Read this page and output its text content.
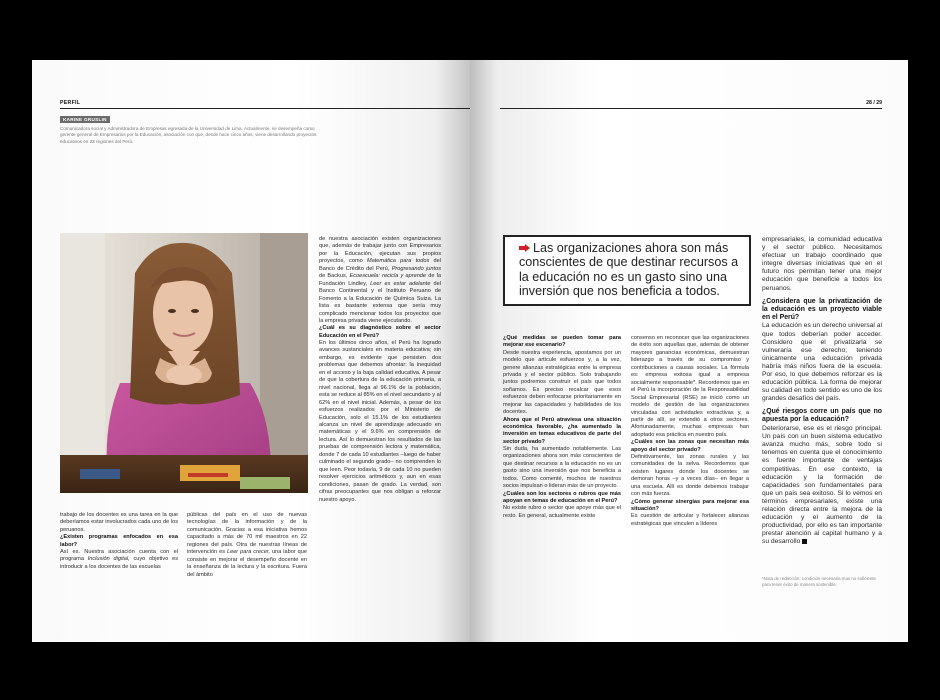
PERFIL
KARINE GRUSLIN
Comunicadora social y Administradora de Empresas egresada de la Universidad de Lima. Actualmente, se desempeña como gerente general de Empresarios por la Educación, asociación con que, desde hace cinco años, viene desarrollando proyectos educativos en 23 regiones del Perú.

trabajo de los docentes es una tarea en la que deberíamos estar involucrados cada uno de los peruanos.

¿Existen programas enfocados en esa labor?

Así es. Nuestra asociación cuenta con el programa Inclusión digital, cuyo objetivo es introducir a los docentes de las escuelas

públicas del país en el uso de nuevas tecnologías de la información y de la comunicación. Gracias a esa iniciativa hemos capacitado a más de 70 mil maestros en 22 regiones del país. Otra de nuestras líneas de intervención es Leer para crecer, una labor que consiste en mejorar el desempeño docente en la enseñanza de la lectura y la escritura. Fuera del ámbito

de nuestra asociación existen organizaciones que, además de trabajar junto con Empresarios por la Educación, ejecutan sus propios proyectos, como Matemática para todos del Banco de Crédito del Perú, Progresando juntos de Backus, Ecoescuela: recicla y aprende de la Fundación Lindley, Leer es estar adelante del Banco Continental y el Instituto Peruano de Fomento a la Educación de Química Suiza. La lista es bastante extensa que sería muy complicado mencionar todos los proyectos que la empresa privada viene ejecutando.

¿Cuál es su diagnóstico sobre el sector Educación en el Perú?

En los últimos cinco años, el Perú ha logrado avances sustanciales en materia educativa; sin embargo, es evidente que persisten dos problemas que debemos afrontar: la inequidad en el acceso y la baja calidad educativa. A pesar de que la cobertura de la educación primaria, a nivel nacional, llega al 96.1% de la población, esta se reduce al 85% en el nivel secundario y al 62% en el nivel inicial. Además, a pesar de los esfuerzos realizados por el Ministerio de Educación, solo el 15.1% de los estudiantes alcanza un nivel de aprendizaje adecuado en matemáticas y el 9.6% en comprensión de lectura. Así lo demuestran los resultados de las pruebas de comprensión lectora y matemática, donde 7 de cada 10 estudiantes –luego de haber culminado el segundo grado– no comprenden lo que leen. Peor todavía, 9 de cada 10 no pueden resolver ejercicios aritméticos y, aun en esas condiciones, pasan de grado. La verdad, son cifras preocupantes que nos obligan a reforzar nuestro apoyo.

28 / 29
Las organizaciones ahora son más conscientes de que destinar recursos a la educación no es un gasto sino una inversión que nos beneficia a todos.

¿Qué medidas se pueden tomar para mejorar ese escenario?

Desde nuestra experiencia, apostamos por un modelo que articule esfuerzos y, a la vez, genere alianzas estratégicas entre la empresa privada y el sector público. Solo trabajando juntos podremos construir el país que todos soñamos. Es preciso recalcar que esos esfuerzos deben enfocarse prioritariamente en mejorar las capacidades y habilidades de los docentes.

Ahora que el Perú atraviesa una situación económica favorable, ¿ha aumentado la inversión en temas educativos de parte del sector privado?

Sin duda, ha aumentado notablemente. Las organizaciones ahora son más conscientes de que destinar recursos a la educación no es un gasto sino una inversión que nos beneficia a todos. Como comenté, muchos de nuestros socios impulsan o lideran más de un proyecto.

¿Cuáles son los sectores o rubros que más apoyan en temas de educación en el Perú?

No existe rubro o sector que apoye más que el resto. En general, actualmente existe

consenso en reconocer que las organizaciones de éxito son aquellas que, además de obtener mayores ganancias económicas, demuestran liderazgo a través de su compromiso y contribuciones a causas sociales. La fórmula es: empresa exitosa igual a empresa socialmente responsable*. Recordemos que en el Perú la incorporación de la Responsabilidad Social Empresarial (RSE) se inició como un modelo de gestión de las organizaciones vinculadas con actividades extractivas y, a partir de allí, se extendió a otros sectores. Afortunadamente, muchas empresas han adoptado esa práctica en nuestro país.

¿Cuáles son las zonas que necesitan más apoyo del sector privado?

Definitivamente, las zonas rurales y las comunidades de la selva. Recordemos que existen lugares donde los docentes se demoran horas –y a veces días– en llegar a una escuela. Allí es donde debemos trabajar con más fuerza.

¿Cómo generar sinergias para mejorar esa situación?

Es cuestión de articular y fortalecer alianzas estratégicas que vinculen a líderes

empresariales, la comunidad educativa y el sector público. Necesitamos efectuar un trabajo coordinado que integre diversas iniciativas que en el futuro nos permitan tener una mejor educación que beneficie a todos los peruanos.

¿Considera que la privatización de la educación es un proyecto viable en el Perú?

La educación es un derecho universal al que todos deberían poder acceder. Considero que el privatizarla se vulneraría ese derecho; teniendo únicamente una educación privada habría más niños fuera de la escuela. Por eso, lo que debemos reforzar es la educación pública. La forma de mejorar su calidad en todo sentido es uno de los grandes desafíos del país.

¿Qué riesgos corre un país que no apuesta por la educación?

Deteriorarse, ese es el riesgo principal. Un país con un buen sistema educativo avanza mucho más, sobre todo si tenemos en cuenta que el conocimiento es fuente importante de ventajas competitivas. En ese contexto, la educación y la formación de capacidades son fundamentales para que un país sea exitoso. Si lo vemos en términos empresariales, existe una relación directa entre la mejora de la educación y el aumento de la productividad, por ello es tan importante prestar atención al capital humano y a su desarrollo

*Nota de redacción: condición necesaria mas no suficiente para tener éxito de manera sostenible.
